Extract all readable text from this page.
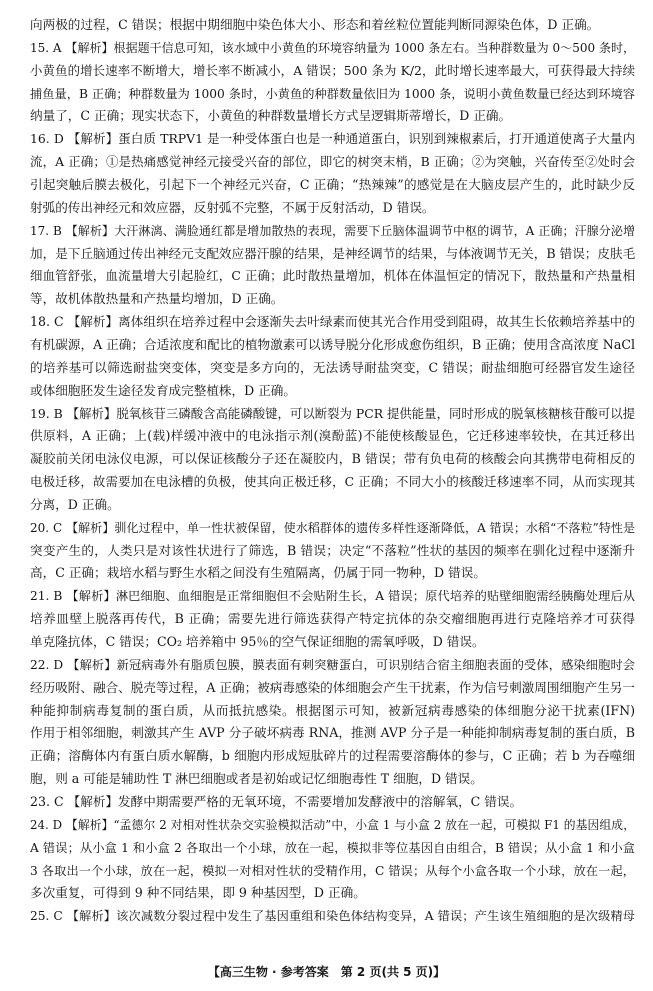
向两极的过程，C 错误；根据中期细胞中染色体大小、形态和着丝粒位置能判断同源染色体，D 正确。
15. A 【解析】根据题干信息可知，该水域中小黄鱼的环境容纳量为 1000 条左右。当种群数量为 0～500 条时，
小黄鱼的增长速率不断增大，增长率不断减小，A 错误；500 条为 K/2，此时增长速率最大，可获得最大持续
捕鱼量，B 正确；种群数量为 1000 条时，小黄鱼的种群数量依旧为 1000 条，说明小黄鱼数量已经达到环境容
纳量了，C 正确；现实状态下，小黄鱼的种群数量增长方式呈逻辑斯蒂增长，D 正确。
16. D 【解析】蛋白质 TRPV1 是一种受体蛋白也是一种通道蛋白，识别到辣椒素后，打开通道使离子大量内
流，A 正确；①是热痛感觉神经元接受兴奋的部位，即它的树突末梢，B 正确；②为突触，兴奋传至②处时会
引起突触后膜去极化，引起下一个神经元兴奋，C 正确；“热辣辣”的感觉是在大脑皮层产生的，此时缺少反
射弧的传出神经元和效应器，反射弧不完整，不属于反射活动，D 错误。
17. B 【解析】大汗淋漓、满脸通红都是增加散热的表现，需要下丘脑体温调节中枢的调节，A 正确；汗腺分泌增
加，是下丘脑通过传出神经元支配效应器汗腺的结果，是神经调节的结果，与体液调节无关，B 错误；皮肤毛
细血管舒张，血流量增大引起脸红，C 正确；此时散热量增加，机体在体温恒定的情况下，散热量和产热量相
等，故机体散热量和产热量均增加，D 正确。
18. C 【解析】离体组织在培养过程中会逐渐失去叶绿素而使其光合作用受到阻碍，故其生长依赖培养基中的
有机碳源，A 正确；合适浓度和配比的植物激素可以诱导脱分化形成愈伤组织，B 正确；使用含高浓度 NaCl
的培养基可以筛选耐盐突变体，突变是多方向的，无法诱导耐盐突变，C 错误；耐盐细胞可经器官发生途径
或体细胞胚发生途径发育成完整植株，D 正确。
19. B 【解析】脱氧核苷三磷酸含高能磷酸键，可以断裂为 PCR 提供能量，同时形成的脱氧核糖核苷酸可以提
供原料，A 正确；上(载)样缓冲液中的电泳指示剂(溴酚蓝)不能使核酸显色，它迁移速率较快，在其迁移出
凝胶前关闭电泳仪电源，可以保证核酸分子还在凝胶内，B 错误；带有负电荷的核酸会向其携带电荷相反的
电极迁移，故需要加在电泳槽的负极，使其向正极迁移，C 正确；不同大小的核酸迁移速率不同，从而实现其
分离，D 正确。
20. C 【解析】驯化过程中，单一性状被保留，使水稻群体的遗传多样性逐渐降低，A 错误；水稻“不落粒”特性是
突变产生的，人类只是对该性状进行了筛选，B 错误；决定“不落粒”性状的基因的频率在驯化过程中逐渐升
高，C 正确；栽培水稻与野生水稻之间没有生殖隔离，仍属于同一物种，D 错误。
21. B 【解析】淋巴细胞、血细胞是正常细胞但不会贴附生长，A 错误；原代培养的贴壁细胞需经胰酶处理后从
培养皿壁上脱落再传代，B 正确；需要先进行筛选获得产特定抗体的杂交瘤细胞再进行克隆培养才可获得
单克隆抗体，C 错误；CO₂ 培养箱中 95％的空气保证细胞的需氧呼吸，D 错误。
22. D 【解析】新冠病毒外有脂质包膜，膜表面有刺突糖蛋白，可识别结合宿主细胞表面的受体，感染细胞时会
经历吸附、融合、脱壳等过程，A 正确；被病毒感染的体细胞会产生干扰素，作为信号刺激周围细胞产生另一
种能抑制病毒复制的蛋白质，从而抵抗感染。根据图示可知，被新冠病毒感染的体细胞分泌干扰素(IFN)
作用于相邻细胞，刺激其产生 AVP 分子破坏病毒 RNA，推测 AVP 分子是一种能抑制病毒复制的蛋白质，B
正确；溶酶体内有蛋白质水解酶，b 细胞内形成短肽碎片的过程需要溶酶体的参与，C 正确；若 b 为吞噬细
胞，则 a 可能是辅助性 T 淋巴细胞或者是初始或记忆细胞毒性 T 细胞，D 错误。
23. C 【解析】发酵中期需要严格的无氧环境，不需要增加发酵液中的溶解氧，C 错误。
24. D 【解析】“孟德尔 2 对相对性状杂交实验模拟活动”中，小盒 1 与小盒 2 放在一起，可模拟 F1 的基因组成，
A 错误；从小盒 1 和小盒 2 各取出一个小球，放在一起，模拟非等位基因自由组合，B 错误；从小盒 1 和小盒
3 各取出一个小球，放在一起，模拟一对相对性状的受精作用，C 错误；从每个小盒各取一个小球，放在一起，
多次重复，可得到 9 种不同结果，即 9 种基因型，D 正确。
25. C 【解析】该次减数分裂过程中发生了基因重组和染色体结构变异，A 错误；产生该生殖细胞的是次级精母
【高三生物 · 参考答案　第 2 页(共 5 页)】
